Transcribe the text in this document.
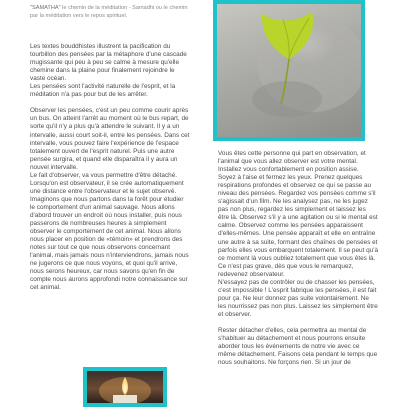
"SAMATHA" le chemin de la méditation - Samadhi ou le chemin par la méditation vers le repos spirituel.

Les textes bouddhistes illustrent la pacification du tourbillon des pensées par la métaphore d'une cascade mugissante qui peu à peu se calme à mesure qu'elle chemine dans la plaine pour finalement rejoindre le vaste océan.

Les pensées sont l'activité naturelle de l'esprit, et la méditation n'a pas pour but de les arrêter.

Observer les pensées, c'est un peu comme courir après un bus. On atteint l'arrêt au moment où le bus repart, de sorte qu'il n'y a plus qu'à attendre le suivant. Il y a un intervalle, aussi court soit-il, entre les pensées. Dans cet intervalle, vous pouvez faire l'expérience de l'espace totalement ouvert de l'esprit naturel. Puis une autre pensée surgira, et quand elle disparaîtra il y aura un nouvel intervalle.

Le fait d'observer, va vous permettre d'être détaché.

Lorsqu'on est observateur, il se crée automatiquement une distance entre l'observateur et le sujet observé.

Imaginons que nous partons dans la forêt pour étudier le comportement d'un animal sauvage. Nous allons d'abord trouver un endroit où nous installer, puis nous passerons de nombreuses heures à simplement observer le comportement de cet animal. Nous allons nous placer en position de «témoin» et prendrons des notes sur tout ce que nous observons concernant l'animal, mais jamais nous n'interviendrons, jamais nous ne jugerons ce que nous voyons, et quoi qu'il arrive, nous serons heureux, car nous savons qu'en fin de compte nous aurons approfondi notre connaissance sur cet animal.

Vous êtes cette personne qui part en observation, et l'animal que vous allez observer est votre mental.

Installez vous confortablement en position assise. Soyez à l'aise et fermez les yeux. Prenez quelques respirations profondes et observez ce qui se passe au niveau des pensées. Regardez vos pensées comme s'il s'agissait d'un film. Ne les analysez pas, ne les jugez pas non plus, regardez les simplement et laissez les être là. Observez s'il y a une agitation ou si le mental est calme. Observez comme les pensées apparaissent d'elles-mêmes. Une pensée apparaît et elle en entraîne une autre à sa suite, formant des chaînes de pensées et parfois elles vous embarquent totalement. Il se peut qu'à ce moment là vous oubliez totalement que vous êtes là. Ce n'est pas grave, dès que vous le remarquez, redevenez observateur.

N'essayez pas de contrôler ou de chasser les pensées, c'est impossible ! L'esprit fabrique les pensées, il est fait pour ça. Ne leur donnez pas suite volontairement. Ne les nourrissez pas non plus. Laissez les simplement être et observer.

Rester détacher d'elles, cela permettra au mental de s'habituer au détachement et nous pourrons ensuite aborder tous les événements de notre vie avec ce même détachement. Faisons cela pendant le temps que nous souhaitons. Ne forçons rien. Si un jour de
